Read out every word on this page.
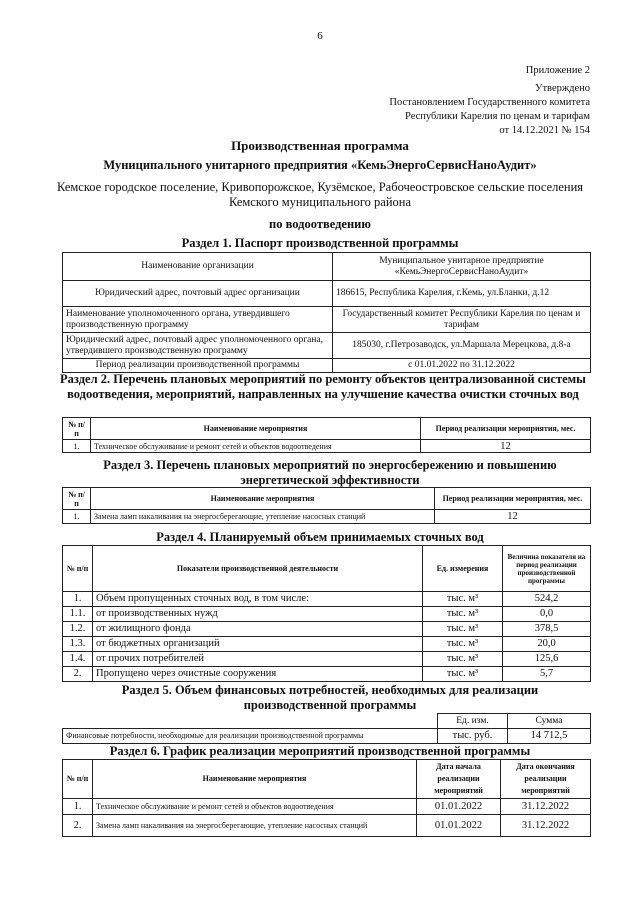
6
Приложение 2
Утверждено
Постановлением Государственного комитета
Республики Карелия по ценам и тарифам
от 14.12.2021 № 154
Производственная программа
Муниципального унитарного предприятия «КемьЭнергоСервисНаноАудит»
Кемское городское поселение, Кривопорожское, Кузёмское, Рабочеостровское сельские поселения Кемского муниципального района
по водоотведению
Раздел 1. Паспорт производственной программы
Наименование организации	Муниципальное унитарное предприятие «КемьЭнергоСервисНаноАудит»
Юридический адрес, почтовый адрес организации	186615, Республика Карелия, г.Кемь, ул.Бланки, д.12
Наименование уполномоченного органа, утвердившего производственную программу	Государственный комитет Республики Карелия по ценам и тарифам
Юридический адрес, почтовый адрес уполномоченного органа, утвердившего производственную программу	185030, г.Петрозаводск, ул.Маршала Мерецкова, д.8-а
Период реализации производственной программы	с 01.01.2022 по 31.12.2022
Раздел 2. Перечень плановых мероприятий по ремонту объектов централизованной системы водоотведения, мероприятий, направленных на улучшение качества очистки сточных вод
№ п/п	Наименование мероприятия	Период реализации мероприятия, мес.
1.	Техническое обслуживание и ремонт сетей и объектов водоотведения	12
Раздел 3. Перечень плановых мероприятий по энергосбережению и повышению энергетической эффективности
№ п/п	Наименование мероприятия	Период реализации мероприятия, мес.
1.	Замена ламп накаливания на энергосберегающие, утепление насосных станций	12
Раздел 4. Планируемый объем принимаемых сточных вод
№ п/п	Показатели производственной деятельности	Ед. измерения	Величина показателя на период реализации производственной программы
1.	Объем пропущенных сточных вод, в том числе:	тыс. м³	524,2
1.1.	от производственных нужд	тыс. м³	0,0
1.2.	от жилищного фонда	тыс. м³	378,5
1.3.	от бюджетных организаций	тыс. м³	20,0
1.4.	от прочих потребителей	тыс. м³	125,6
2.	Пропущено через очистные сооружения	тыс. м³	5,7
Раздел 5. Объем финансовых потребностей, необходимых для реализации производственной программы
	Ед. изм.	Сумма
Финансовые потребности, необходимые для реализации производственной программы	тыс. руб.	14 712,5
Раздел 6. График реализации мероприятий производственной программы
№ п/п	Наименование мероприятия	Дата начала реализации мероприятий	Дата окончания реализации мероприятий
1.	Техническое обслуживание и ремонт сетей и объектов водоотведения	01.01.2022	31.12.2022
2.	Замена ламп накаливания на энергосберегающие, утепление насосных станций	01.01.2022	31.12.2022
